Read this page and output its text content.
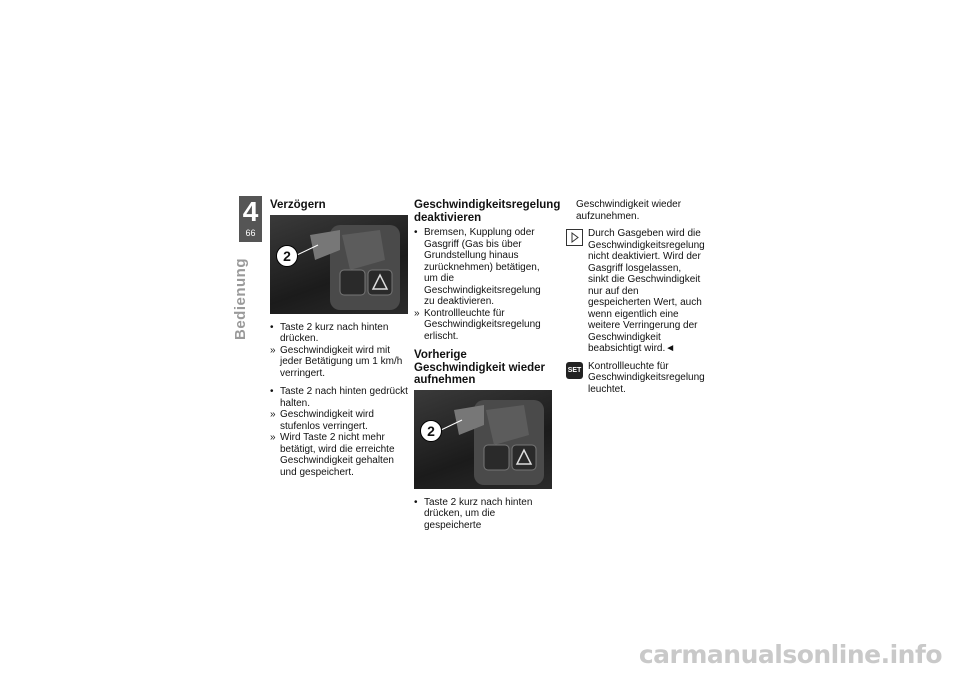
4
66
Bedienung
Verzögern
2
• Taste 2 kurz nach hinten drücken.
» Geschwindigkeit wird mit jeder Betätigung um 1 km/h verringert.
• Taste 2 nach hinten gedrückt halten.
» Geschwindigkeit wird stufenlos verringert.
» Wird Taste 2 nicht mehr betätigt, wird die erreichte Geschwindigkeit gehalten und gespeichert.
Geschwindigkeitsregelung deaktivieren
• Bremsen, Kupplung oder Gasgriff (Gas bis über Grundstellung hinaus zurücknehmen) betätigen, um die Geschwindigkeitsregelung zu deaktivieren.
» Kontrollleuchte für Geschwindigkeitsregelung erlischt.
Vorherige Geschwindigkeit wieder aufnehmen
2
• Taste 2 kurz nach hinten drücken, um die gespeicherte
Geschwindigkeit wieder aufzunehmen.
Durch Gasgeben wird die Geschwindigkeitsregelung nicht deaktiviert. Wird der Gasgriff losgelassen, sinkt die Geschwindigkeit nur auf den gespeicherten Wert, auch wenn eigentlich eine weitere Verringerung der Geschwindigkeit beabsichtigt wird.◄
SET Kontrollleuchte für Geschwindigkeitsregelung leuchtet.
carmanualsonline.info
